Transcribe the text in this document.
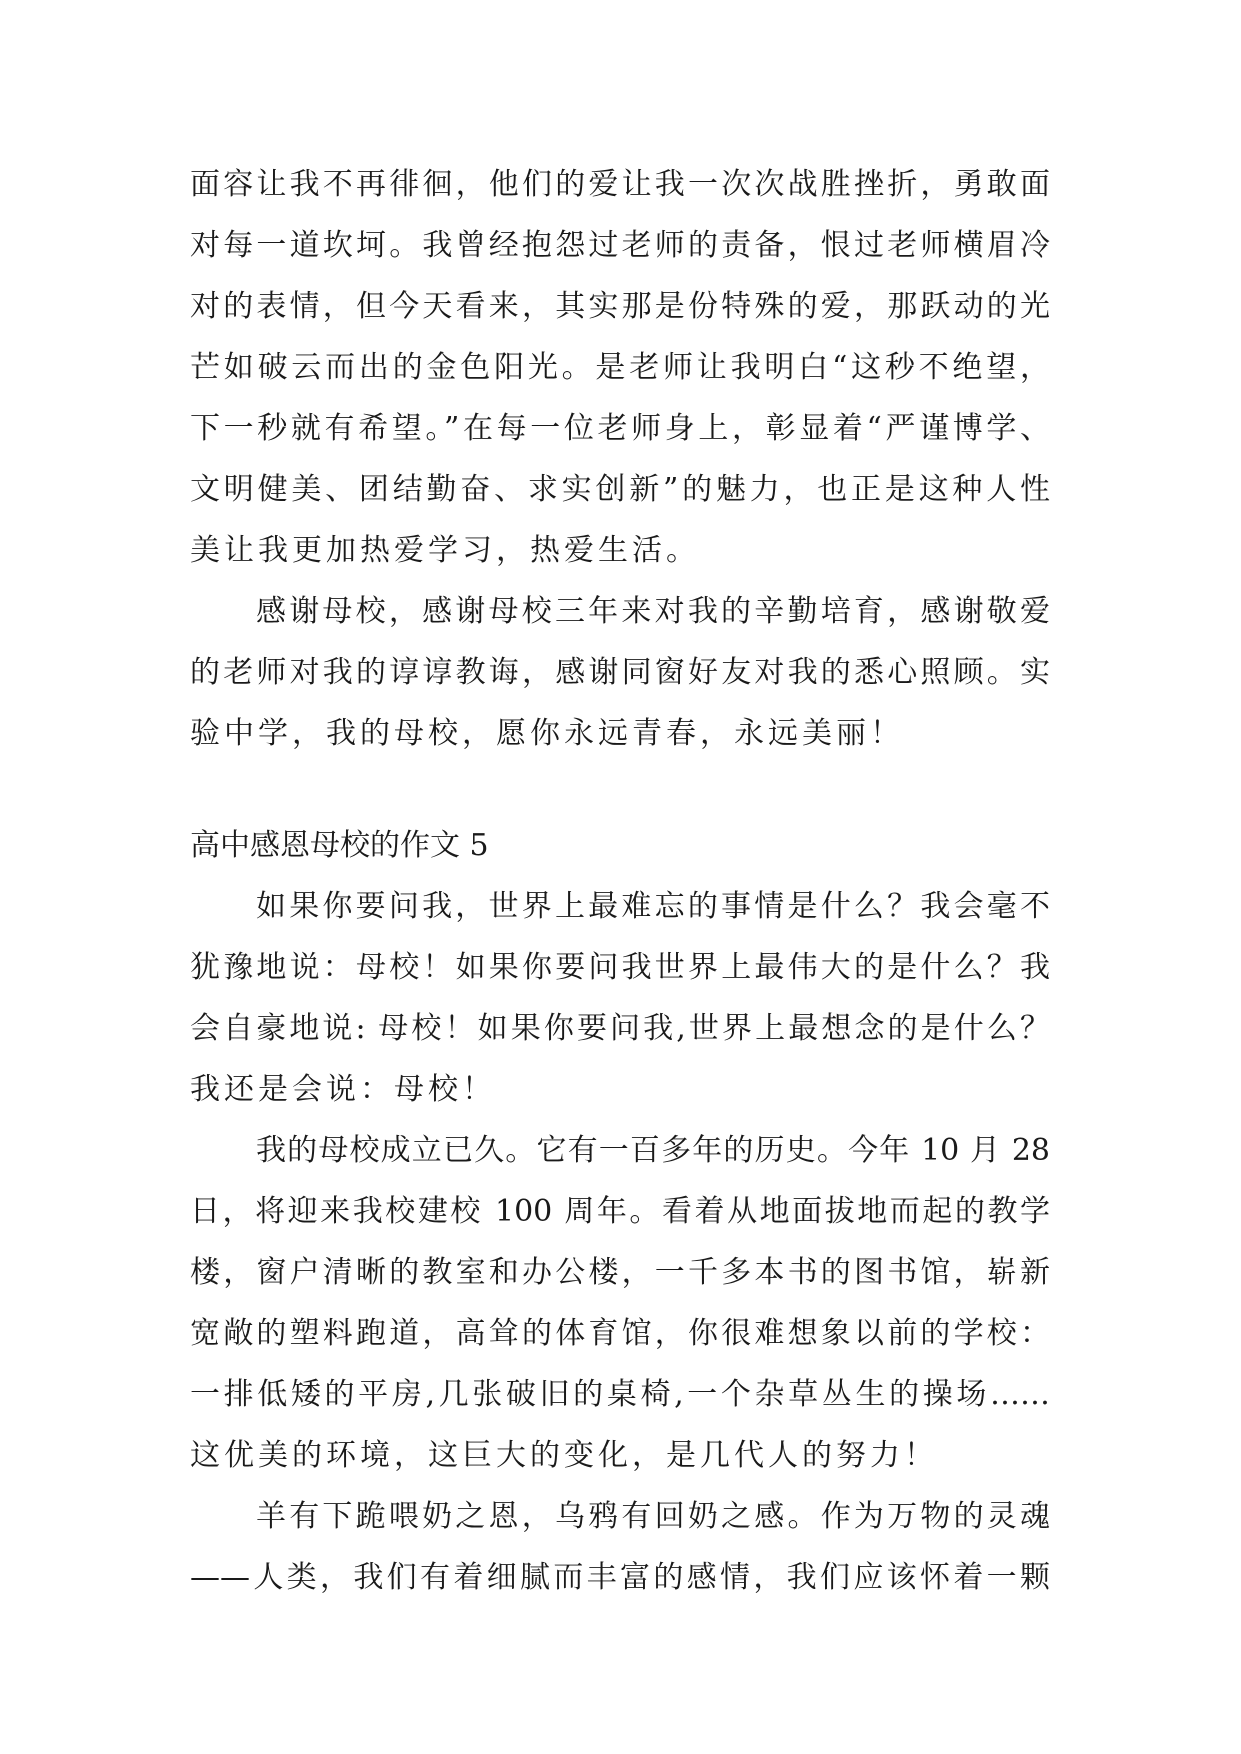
面容让我不再徘徊，他们的爱让我一次次战胜挫折，勇敢面
对每一道坎坷。我曾经抱怨过老师的责备，恨过老师横眉冷
对的表情，但今天看来，其实那是份特殊的爱，那跃动的光
芒如破云而出的金色阳光。是老师让我明白“这秒不绝望，
下一秒就有希望。”在每一位老师身上，彰显着“严谨博学、
文明健美、团结勤奋、求实创新”的魅力，也正是这种人性
美让我更加热爱学习，热爱生活。
感谢母校，感谢母校三年来对我的辛勤培育，感谢敬爱
的老师对我的谆谆教诲，感谢同窗好友对我的悉心照顾。实
验中学，我的母校，愿你永远青春，永远美丽！
高中感恩母校的作文 5
如果你要问我，世界上最难忘的事情是什么？我会毫不
犹豫地说：母校！如果你要问我世界上最伟大的是什么？我
会自豪地说: 母校！如果你要问我,世界上最想念的是什么？
我还是会说：母校！
我的母校成立已久。它有一百多年的历史。今年 10 月 28
日，将迎来我校建校 100 周年。看着从地面拔地而起的教学
楼，窗户清晰的教室和办公楼，一千多本书的图书馆，崭新
宽敞的塑料跑道，高耸的体育馆，你很难想象以前的学校：
一排低矮的平房,几张破旧的桌椅,一个杂草丛生的操场……
这优美的环境，这巨大的变化，是几代人的努力！
羊有下跪喂奶之恩，乌鸦有回奶之感。作为万物的灵魂
——人类，我们有着细腻而丰富的感情，我们应该怀着一颗
